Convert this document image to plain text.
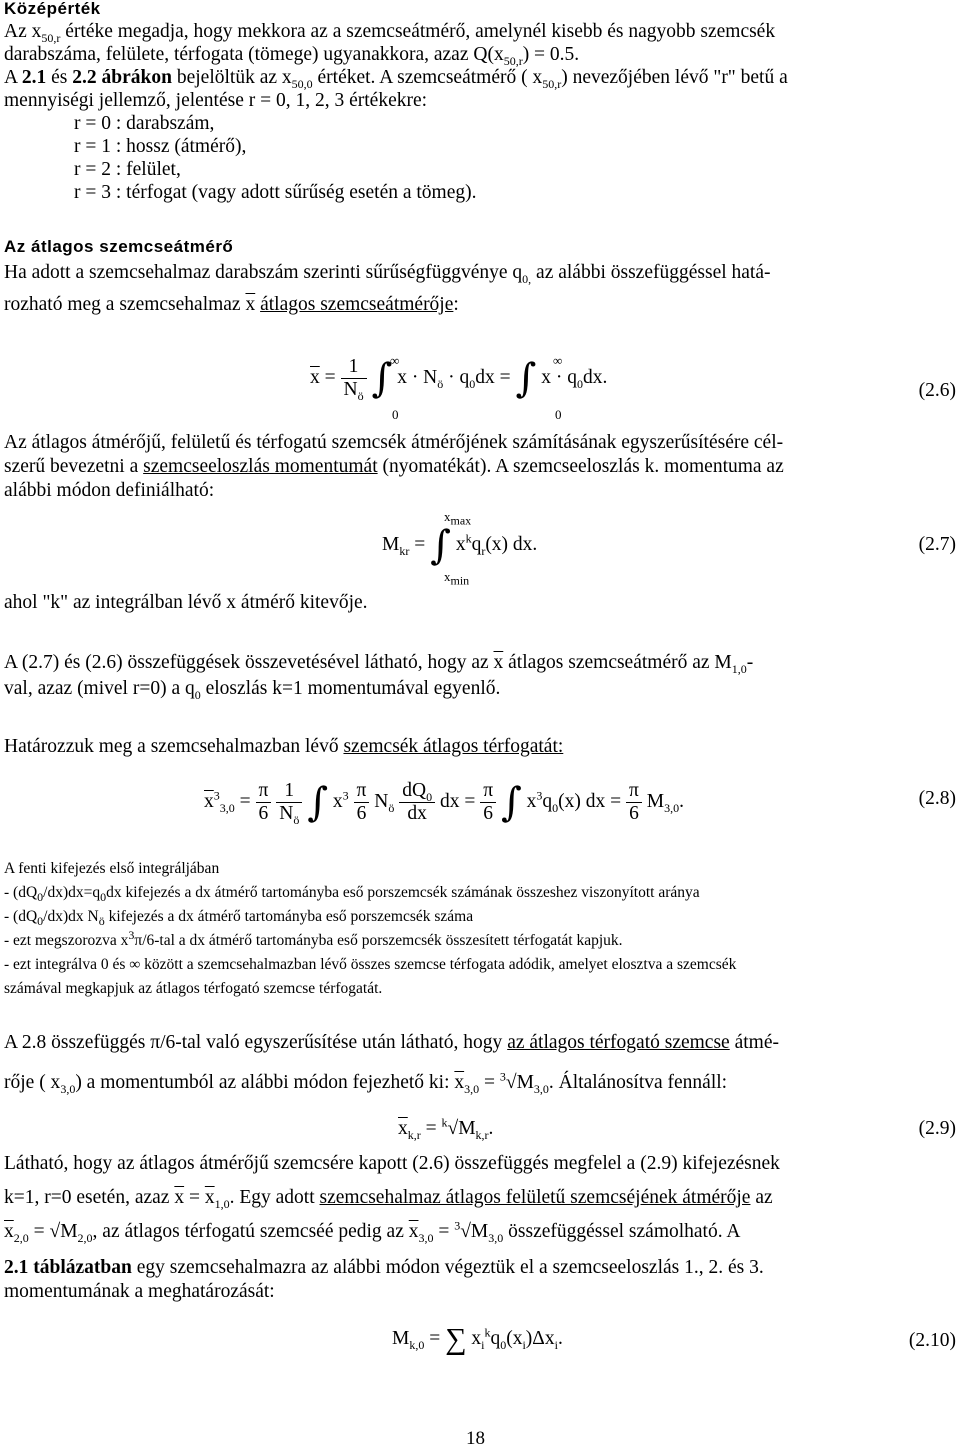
Középérték
Az $x_{50,r}$ értéke megadja, hogy mekkora az a szemcseátmérő, amelynél kisebb és nagyobb szemcsék
darabszáma, felülete, térfogata (tömege) ugyanakkora, azaz $Q(x_{50,r}) = 0.5$.
A 2.1 és 2.2 ábrákon bejelöltük az $x_{50,0}$ értéket. A szemcseátmérő ( $x_{50,r}$) nevezőjében lévő "r" betű a
mennyiségi jellemző, jelentése r = 0, 1, 2, 3 értékekre:
r = 0 : darabszám,
r = 1 : hossz (átmérő),
r = 2 : felület,
r = 3 : térfogat (vagy adott sűrűség esetén a tömeg).
Az átlagos szemcseátmérő
Ha adott a szemcsehalmaz darabszám szerinti sűrűségfüggvénye $q_{0,}$ az alábbi összefüggéssel hatá-
rozható meg a szemcsehalmaz $\overline{x}$ átlagos szemcseátmérője:
$\overline{x} = \frac{1}{N_ö}$ ∫ $x \cdot N_ö \cdot q_0dx$ = ∫ $x \cdot q_0dx$.
∞
0
∞
0
(2.6)
Az átlagos átmérőjű, felületű és térfogatú szemcsék átmérőjének számításának egyszerűsítésére cél-
szerű bevezetni a szemcseeloszlás momentumát (nyomatékát). A szemcseeloszlás k. momentuma az
alábbi módon definiálható:
$M_{kr}$ = ∫ $x^kq_r(x)$ dx.
$x_{max}$
$x_{min}$
(2.7)
ahol "k" az integrálban lévő x átmérő kitevője.
A (2.7) és (2.6) összefüggések összevetésével látható, hogy az $\overline{x}$ átlagos szemcseátmérő az $M_{1,0}-$
val, azaz (mivel r=0) a $q_0$ eloszlás k=1 momentumával egyenlő.
Határozzuk meg a szemcsehalmazban lévő szemcsék átlagos térfogatát:
$\overline{x}^3_{3,0} = \frac{\pi}{6}$
$\frac{1}{N_ö}$ ∫ $x^3 \frac{\pi}{6} N_ö \frac{dQ_0}{dx}$ dx = $\frac{\pi}{6}$ ∫ $x^3q_0(x)$ dx = $\frac{\pi}{6} M_{3,0}$.	(2.8)
A fenti kifejezés első integráljában
- $(dQ_0/dx)dx=q_0dx$ kifejezés a dx átmérő tartományba eső porszemcsék számának összeshez viszonyított aránya
- $(dQ_0/dx)dx$ $N_ö$ kifejezés a dx átmérő tartományba eső porszemcsék száma
- ezt megszorozva $x^3\pi/6$-tal a dx átmérő tartományba eső porszemcsék összesített térfogatát kapjuk.
- ezt integrálva 0 és ∞ között a szemcsehalmazban lévő összes szemcse térfogata adódik, amelyet elosztva a szemcsék
számával megkapjuk az átlagos térfogató szemcse térfogatát.
A 2.8 összefüggés π/6-tal való egyszerűsítése után látható, hogy az átlagos térfogató szemcse átmé-
rője ( $x_{3,0}$) a momentumból az alábbi módon fejezhető ki: $\overline{x}_{3,0} = ^3√M_{3,0}$. Általánosítva fennáll:
$\overline{x}_{k,r} = ^k√M_{k,r}$.	(2.9)
Látható, hogy az átlagos átmérőjű szemcsére kapott (2.6) összefüggés megfelel a (2.9) kifejezésnek
k=1, r=0 esetén, azaz $\overline{x} = \overline{x}_{1,0}$. Egy adott szemcsehalmaz átlagos felületű szemcséjének átmérője az
$\overline{x}_{2,0} = √M_{2,0}$, az átlagos térfogatú szemcséé pedig az $\overline{x}_{3,0} = ^3√M_{3,0}$ összefüggéssel számolható. A
2.1 táblázatban egy szemcsehalmazra az alábbi módon végeztük el a szemcseeloszlás 1., 2. és 3.
momentumának a meghatározását:
$M_{k,0}$ = ∑ $x_i^kq_0(x_i)\Delta x_i$.	(2.10)
18
